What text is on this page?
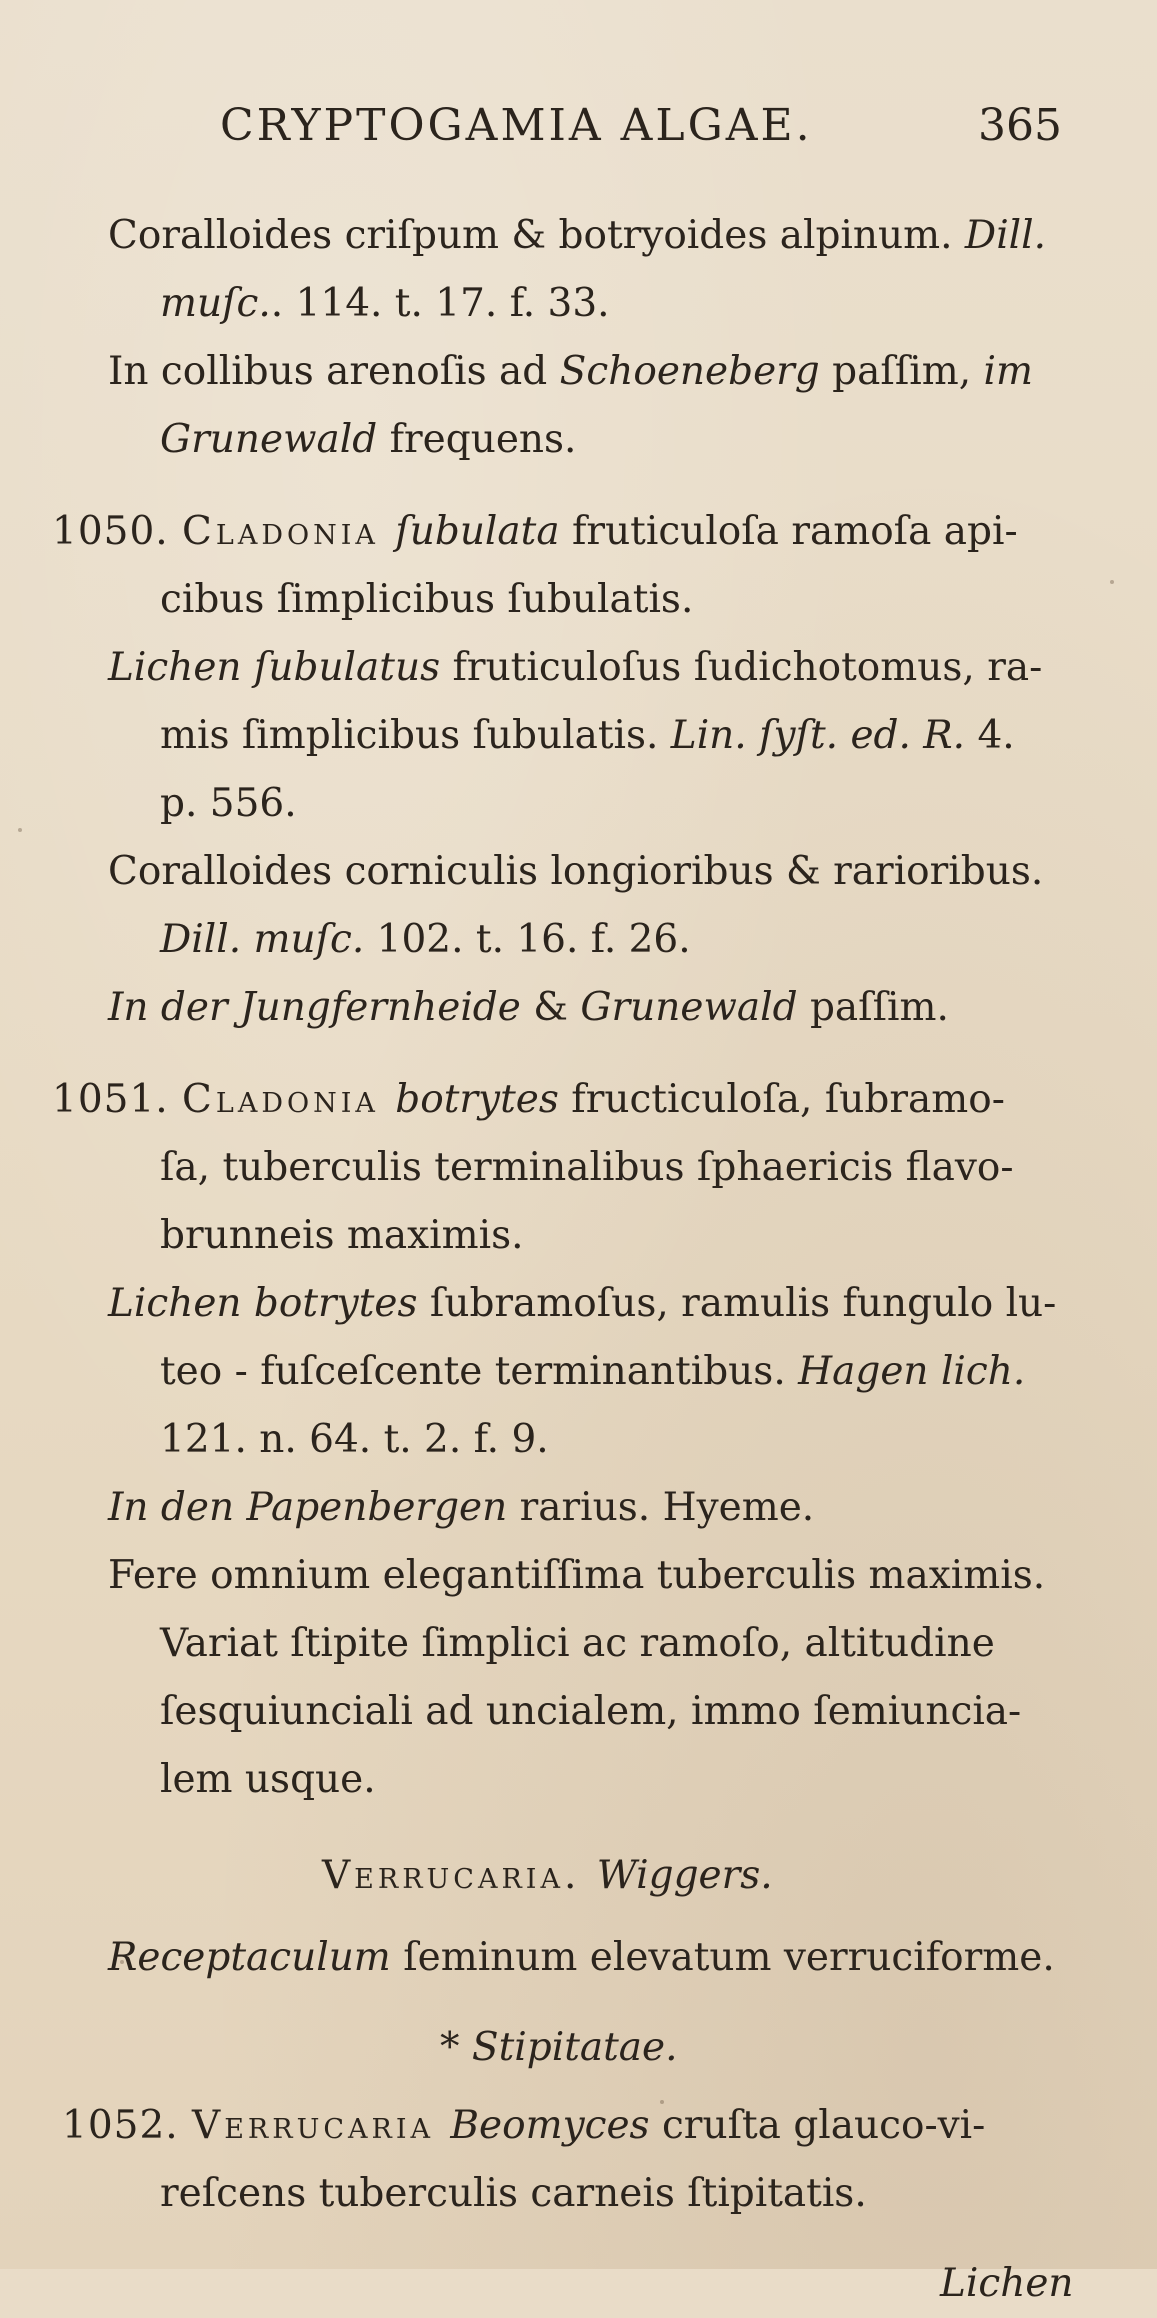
CRYPTOGAMIA ALGAE.	365
Coralloides criſpum & botryoides alpinum. Dill.
muſc.. 114. t. 17. f. 33.
In collibus arenoſis ad Schoeneberg paſſim, im
Grunewald frequens.
1050. Cladonia ſubulata fruticuloſa ramoſa api-
cibus ſimplicibus ſubulatis.
Lichen ſubulatus fruticuloſus ſudichotomus, ra-
mis ſimplicibus ſubulatis. Lin. ſyſt. ed. R. 4.
p. 556.
Coralloides corniculis longioribus & rarioribus.
Dill. muſc. 102. t. 16. f. 26.
In der Jungfernheide & Grunewald paſſim.
1051. Cladonia botrytes fructiculoſa, ſubramo-
ſa, tuberculis terminalibus ſphaericis flavo-
brunneis maximis.
Lichen botrytes ſubramoſus, ramulis fungulo lu-
teo - fuſceſcente terminantibus. Hagen lich.
121. n. 64. t. 2. f. 9.
In den Papenbergen rarius. Hyeme.
Fere omnium elegantiſſima tuberculis maximis.
Variat ſtipite ſimplici ac ramoſo, altitudine
ſesquiunciali ad uncialem, immo ſemiuncia-
lem usque.
Verrucaria. Wiggers.
Receptaculum ſeminum elevatum verruciforme.
* Stipitatae.
1052. Verrucaria Beomyces cruſta glauco-vi-
reſcens tuberculis carneis ſtipitatis.
Lichen
